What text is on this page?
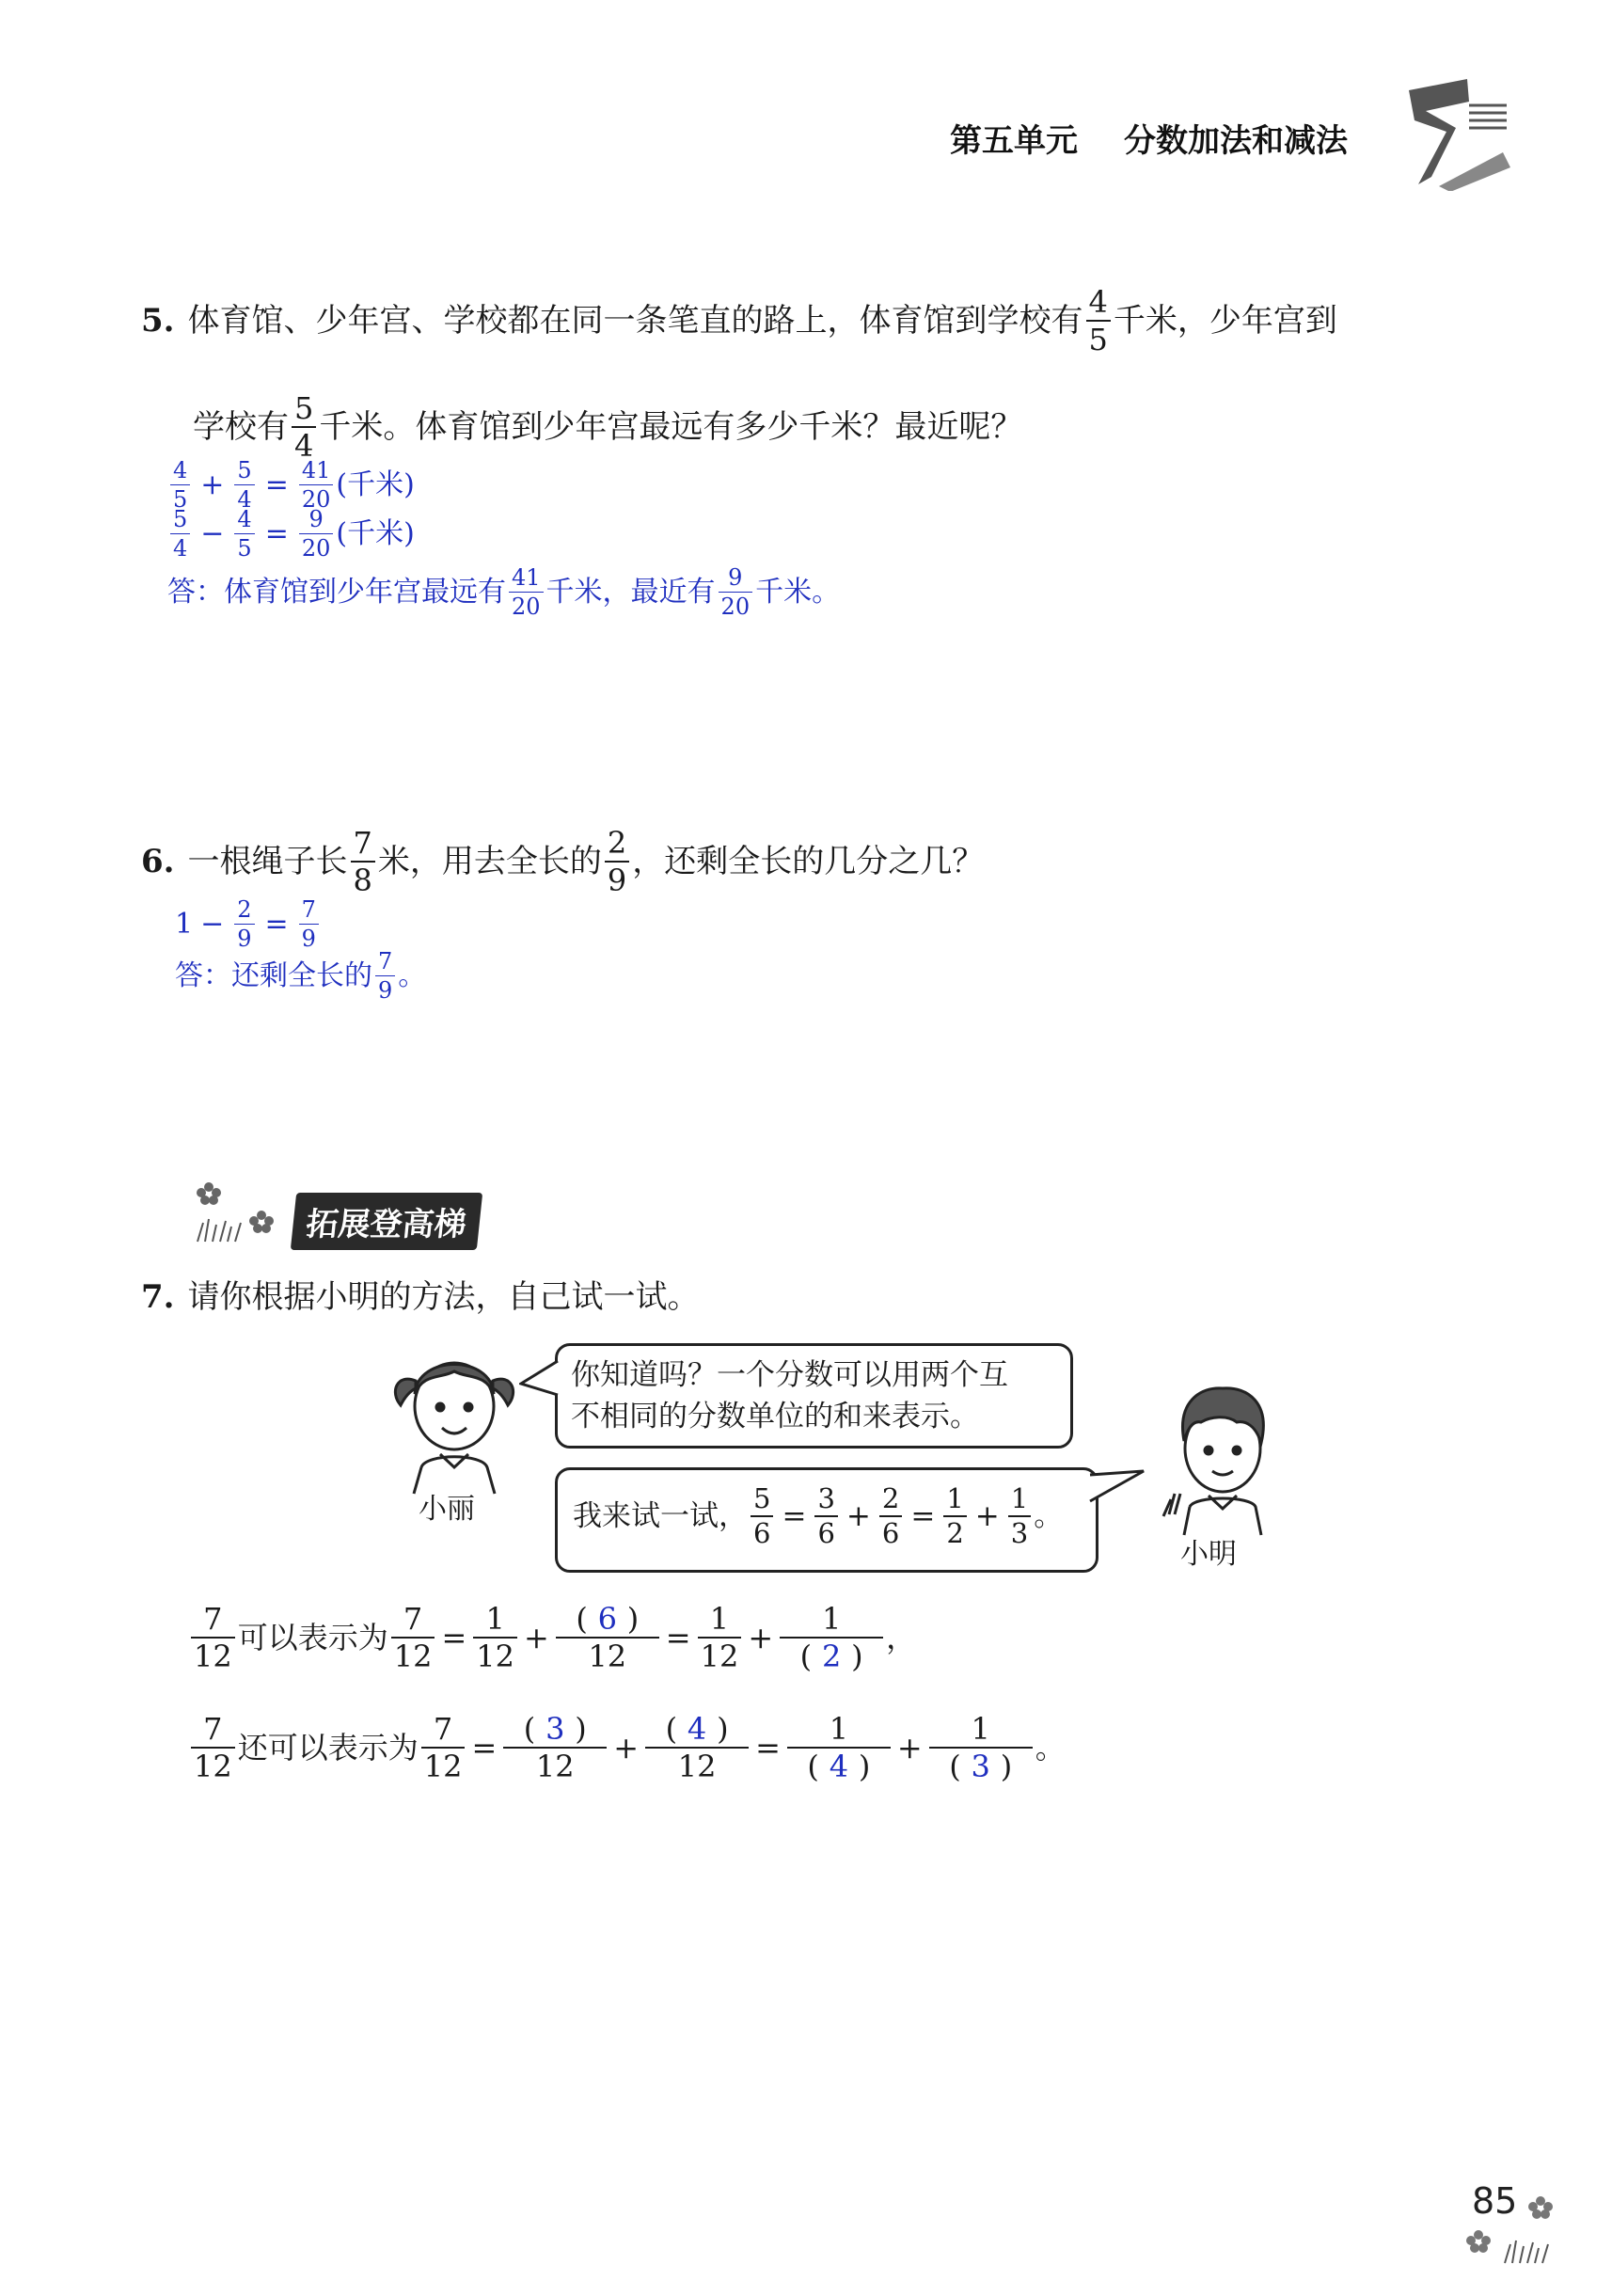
第五单元 分数加法和减法
5. 体育馆、少年宫、学校都在同一条笔直的路上，体育馆到学校有 $\frac{4}{5}$ 千米，少年宫到
学校有 $\frac{5}{4}$ 千米。体育馆到少年宫最远有多少千米？最近呢？
$\frac{4}{5} + \frac{5}{4} = \frac{41}{20}$ (千米)
$\frac{5}{4} - \frac{4}{5} = \frac{9}{20}$ (千米)
答：体育馆到少年宫最远有 $\frac{41}{20}$ 千米，最近有 $\frac{9}{20}$ 千米。
6. 一根绳子长 $\frac{7}{8}$ 米，用去全长的 $\frac{2}{9}$ ，还剩全长的几分之几？
$1 - \frac{2}{9} = \frac{7}{9}$
答：还剩全长的 $\frac{7}{9}$ 。
拓展登高梯
7. 请你根据小明的方法，自己试一试。
小丽
你知道吗？一个分数可以用两个互
不相同的分数单位的和来表示。
我来试一试， $\frac{5}{6} = \frac{3}{6} + \frac{2}{6} = \frac{1}{2} + \frac{1}{3}$ 。
小明
$\frac{7}{12}$ 可以表示为 $\frac{7}{12} = \frac{1}{12} + \frac{( 6 )}{12} = \frac{1}{12} + \frac{1}{( 2 )}$ ，
$\frac{7}{12}$ 还可以表示为 $\frac{7}{12} = \frac{( 3 )}{12} + \frac{( 4 )}{12} = \frac{1}{( 4 )} + \frac{1}{( 3 )}$ 。
85
